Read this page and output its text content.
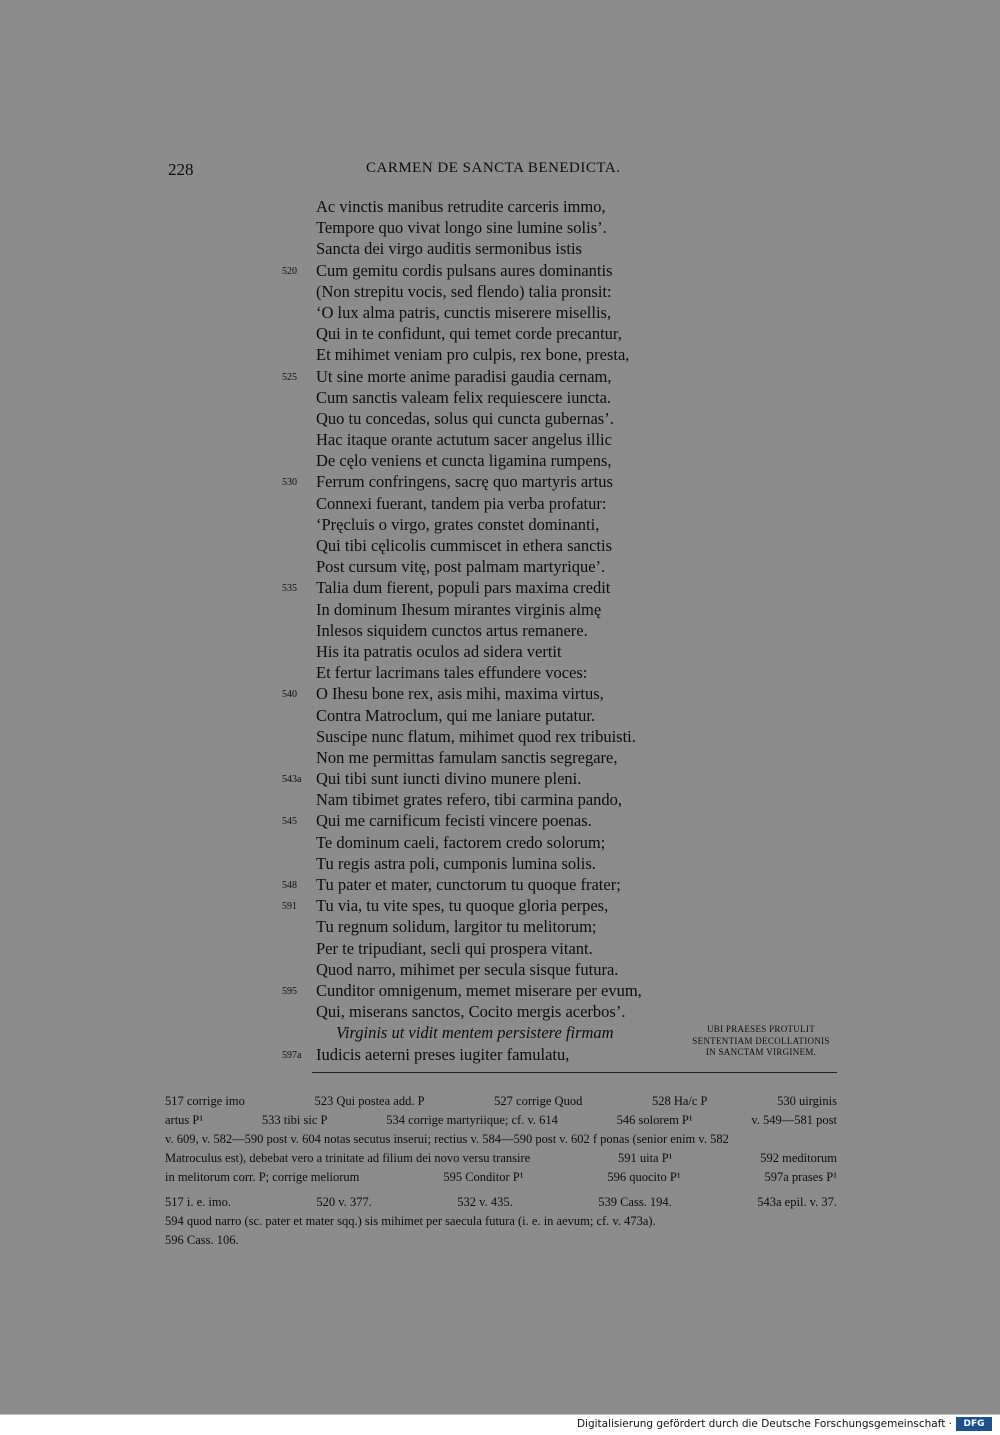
228	CARMEN DE SANCTA BENEDICTA.
Ac vinctis manibus retrudite carceris immo,
Tempore quo vivat longo sine lumine solis’.
Sancta dei virgo auditis sermonibus istis
520 Cum gemitu cordis pulsans aures dominantis
(Non strepitu vocis, sed flendo) talia pronsit:
‘O lux alma patris, cunctis miserere misellis,
Qui in te confidunt, qui temet corde precantur,
Et mihimet veniam pro culpis, rex bone, presta,
525 Ut sine morte anime paradisi gaudia cernam,
Cum sanctis valeam felix requiescere iuncta.
Quo tu concedas, solus qui cuncta gubernas’.
Hac itaque orante actutum sacer angelus illic
De cęlo veniens et cuncta ligamina rumpens,
530 Ferrum confringens, sacrę quo martyris artus
Connexi fuerant, tandem pia verba profatur:
‘Pręcluis o virgo, grates constet dominanti,
Qui tibi cęlicolis cummiscet in ethera sanctis
Post cursum vitę, post palmam martyrique’.
535 Talia dum fierent, populi pars maxima credit
In dominum Ihesum mirantes virginis almę
Inlesos siquidem cunctos artus remanere.
His ita patratis oculos ad sidera vertit
Et fertur lacrimans tales effundere voces:
540 O Ihesu bone rex, asis mihi, maxima virtus,
Contra Matroclum, qui me laniare putatur.
Suscipe nunc flatum, mihimet quod rex tribuisti.
Non me permittas famulam sanctis segregare,
543a Qui tibi sunt iuncti divino munere pleni.
Nam tibimet grates refero, tibi carmina pando,
545 Qui me carnificum fecisti vincere poenas.
Te dominum caeli, factorem credo solorum;
Tu regis astra poli, cumponis lumina solis.
548 Tu pater et mater, cunctorum tu quoque frater;
591 Tu via, tu vite spes, tu quoque gloria perpes,
Tu regnum solidum, largitor tu melitorum;
Per te tripudiant, secli qui prospera vitant.
Quod narro, mihimet per secula sisque futura.
595 Cunditor omnigenum, memet miserare per evum,
Qui, miserans sanctos, Cocito mergis acerbos’.
Virginis ut vidit mentem persistere firmam
597a Iudicis aeterni preses iugiter famulatu,
UBI PRAESES PROTULIT
SENTENTIAM DECOLLATIONIS
IN SANCTAM VIRGINEM.
517 corrige imo	523 Qui postea add. P	527 corrige Quod	528 Ha/c P	530 uirginis
artus P¹	533 tibi sic P	534 corrige martyriique; cf. v. 614	546 solorem P¹	v. 549—581 post
v. 609, v. 582—590 post v. 604 notas secutus inserui; rectius v. 584—590 post v. 602 f ponas (senior enim v. 582
Matroculus est), debebat vero a trinitate ad filium dei novo versu transire	591 uita P¹	592 meditorum
in melitorum corr. P; corrige meliorum	595 Conditor P¹	596 quocito P¹	597a prases P¹
517 i. e. imo.	520 v. 377.	532 v. 435.	539 Cass. 194.	543a epil. v. 37.
594 quod narro (sc. pater et mater sqq.) sis mihimet per saecula futura (i. e. in aevum; cf. v. 473a).
596 Cass. 106.
Digitalisierung gefördert durch die Deutsche Forschungsgemeinschaft ·	DFG
